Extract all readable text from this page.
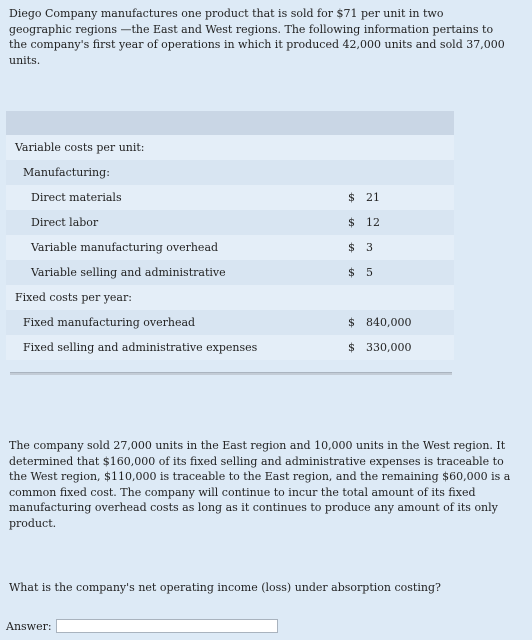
Diego Company manufactures one product that is sold for $71 per unit in two geographic regions —the East and West regions. The following information pertains to the company's first year of operations in which it produced 42,000 units and sold 37,000 units.

Variable costs per unit:
Manufacturing:
Direct materials	$ 21
Direct labor	$ 12
Variable manufacturing overhead	$ 3
Variable selling and administrative	$ 5
Fixed costs per year:
Fixed manufacturing overhead	$ 840,000
Fixed selling and administrative expenses	$ 330,000

The company sold 27,000 units in the East region and 10,000 units in the West region. It determined that $160,000 of its fixed selling and administrative expenses is traceable to the West region, $110,000 is traceable to the East region, and the remaining $60,000 is a common fixed cost. The company will continue to incur the total amount of its fixed manufacturing overhead costs as long as it continues to produce any amount of its only product.

What is the company's net operating income (loss) under absorption costing?

Answer:
